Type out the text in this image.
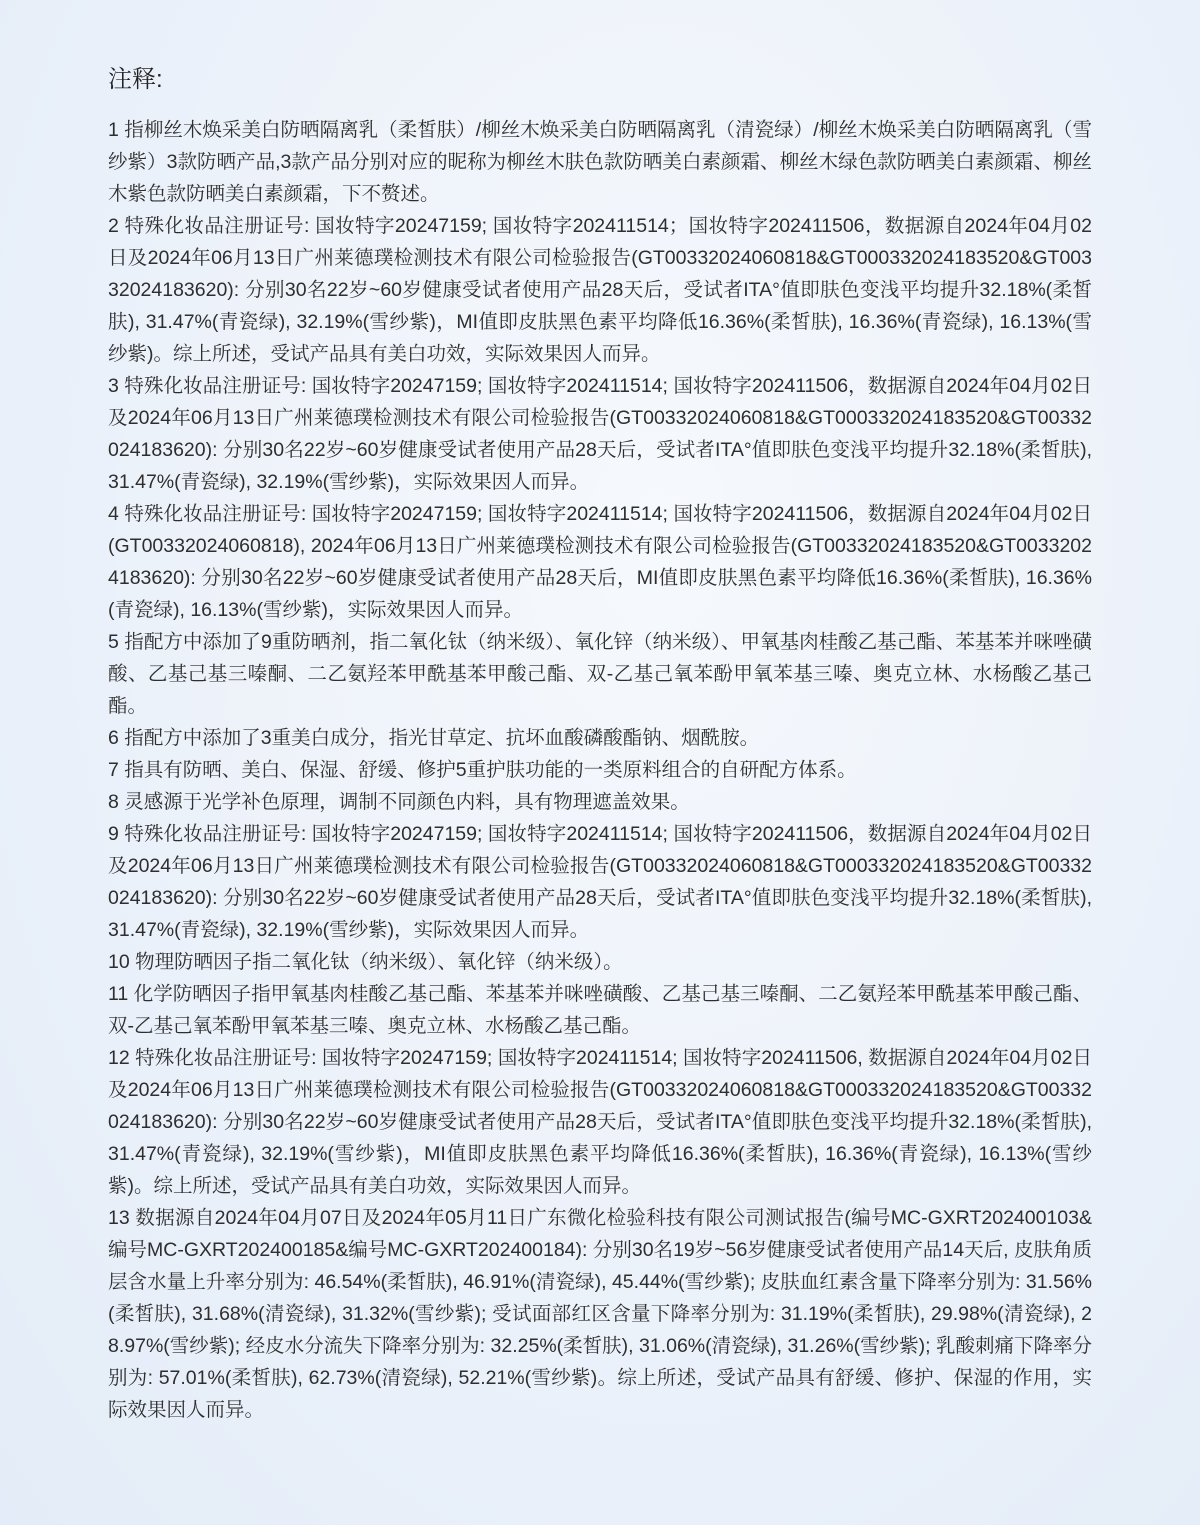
注释:
1 指柳丝木焕采美白防晒隔离乳（柔皙肤）/柳丝木焕采美白防晒隔离乳（清瓷绿）/柳丝木焕采美白防晒隔离乳（雪纱紫）3款防晒产品,3款产品分别对应的昵称为柳丝木肤色款防晒美白素颜霜、柳丝木绿色款防晒美白素颜霜、柳丝木紫色款防晒美白素颜霜，下不赘述。
2 特殊化妆品注册证号: 国妆特字20247159; 国妆特字202411514；国妆特字202411506，数据源自2024年04月02日及2024年06月13日广州莱德璞检测技术有限公司检验报告(GT00332024060818&GT000332024183520&GT00332024183620): 分别30名22岁~60岁健康受试者使用产品28天后，受试者ITA°值即肤色变浅平均提升32.18%(柔皙肤), 31.47%(青瓷绿), 32.19%(雪纱紫)，MI值即皮肤黑色素平均降低16.36%(柔皙肤), 16.36%(青瓷绿), 16.13%(雪纱紫)。综上所述，受试产品具有美白功效，实际效果因人而异。
3 特殊化妆品注册证号: 国妆特字20247159; 国妆特字202411514; 国妆特字202411506，数据源自2024年04月02日及2024年06月13日广州莱德璞检测技术有限公司检验报告(GT00332024060818&GT000332024183520&GT00332024183620): 分别30名22岁~60岁健康受试者使用产品28天后，受试者ITA°值即肤色变浅平均提升32.18%(柔皙肤), 31.47%(青瓷绿), 32.19%(雪纱紫)，实际效果因人而异。
4 特殊化妆品注册证号: 国妆特字20247159; 国妆特字202411514; 国妆特字202411506，数据源自2024年04月02日(GT00332024060818), 2024年06月13日广州莱德璞检测技术有限公司检验报告(GT00332024183520&GT00332024183620): 分别30名22岁~60岁健康受试者使用产品28天后，MI值即皮肤黑色素平均降低16.36%(柔皙肤), 16.36%(青瓷绿), 16.13%(雪纱紫)，实际效果因人而异。
5 指配方中添加了9重防晒剂，指二氧化钛（纳米级）、氧化锌（纳米级）、甲氧基肉桂酸乙基己酯、苯基苯并咪唑磺酸、乙基己基三嗪酮、二乙氨羟苯甲酰基苯甲酸己酯、双-乙基己氧苯酚甲氧苯基三嗪、奥克立林、水杨酸乙基己酯。
6 指配方中添加了3重美白成分，指光甘草定、抗坏血酸磷酸酯钠、烟酰胺。
7 指具有防晒、美白、保湿、舒缓、修护5重护肤功能的一类原料组合的自研配方体系。
8 灵感源于光学补色原理，调制不同颜色内料，具有物理遮盖效果。
9 特殊化妆品注册证号: 国妆特字20247159; 国妆特字202411514; 国妆特字202411506，数据源自2024年04月02日及2024年06月13日广州莱德璞检测技术有限公司检验报告(GT00332024060818&GT000332024183520&GT00332024183620): 分别30名22岁~60岁健康受试者使用产品28天后，受试者ITA°值即肤色变浅平均提升32.18%(柔皙肤), 31.47%(青瓷绿), 32.19%(雪纱紫)，实际效果因人而异。
10 物理防晒因子指二氧化钛（纳米级）、氧化锌（纳米级）。
11 化学防晒因子指甲氧基肉桂酸乙基己酯、苯基苯并咪唑磺酸、乙基己基三嗪酮、二乙氨羟苯甲酰基苯甲酸己酯、双-乙基己氧苯酚甲氧苯基三嗪、奥克立林、水杨酸乙基己酯。
12 特殊化妆品注册证号: 国妆特字20247159; 国妆特字202411514; 国妆特字202411506, 数据源自2024年04月02日及2024年06月13日广州莱德璞检测技术有限公司检验报告(GT00332024060818&GT000332024183520&GT00332024183620): 分别30名22岁~60岁健康受试者使用产品28天后，受试者ITA°值即肤色变浅平均提升32.18%(柔皙肤), 31.47%(青瓷绿), 32.19%(雪纱紫)，MI值即皮肤黑色素平均降低16.36%(柔皙肤), 16.36%(青瓷绿), 16.13%(雪纱紫)。综上所述，受试产品具有美白功效，实际效果因人而异。
13 数据源自2024年04月07日及2024年05月11日广东微化检验科技有限公司测试报告(编号MC-GXRT202400103&编号MC-GXRT202400185&编号MC-GXRT202400184): 分别30名19岁~56岁健康受试者使用产品14天后, 皮肤角质层含水量上升率分别为: 46.54%(柔皙肤), 46.91%(清瓷绿), 45.44%(雪纱紫); 皮肤血红素含量下降率分别为: 31.56%(柔皙肤), 31.68%(清瓷绿), 31.32%(雪纱紫); 受试面部红区含量下降率分别为: 31.19%(柔皙肤), 29.98%(清瓷绿), 28.97%(雪纱紫); 经皮水分流失下降率分别为: 32.25%(柔皙肤), 31.06%(清瓷绿), 31.26%(雪纱紫); 乳酸刺痛下降率分别为: 57.01%(柔皙肤), 62.73%(清瓷绿), 52.21%(雪纱紫)。综上所述，受试产品具有舒缓、修护、保湿的作用，实际效果因人而异。
